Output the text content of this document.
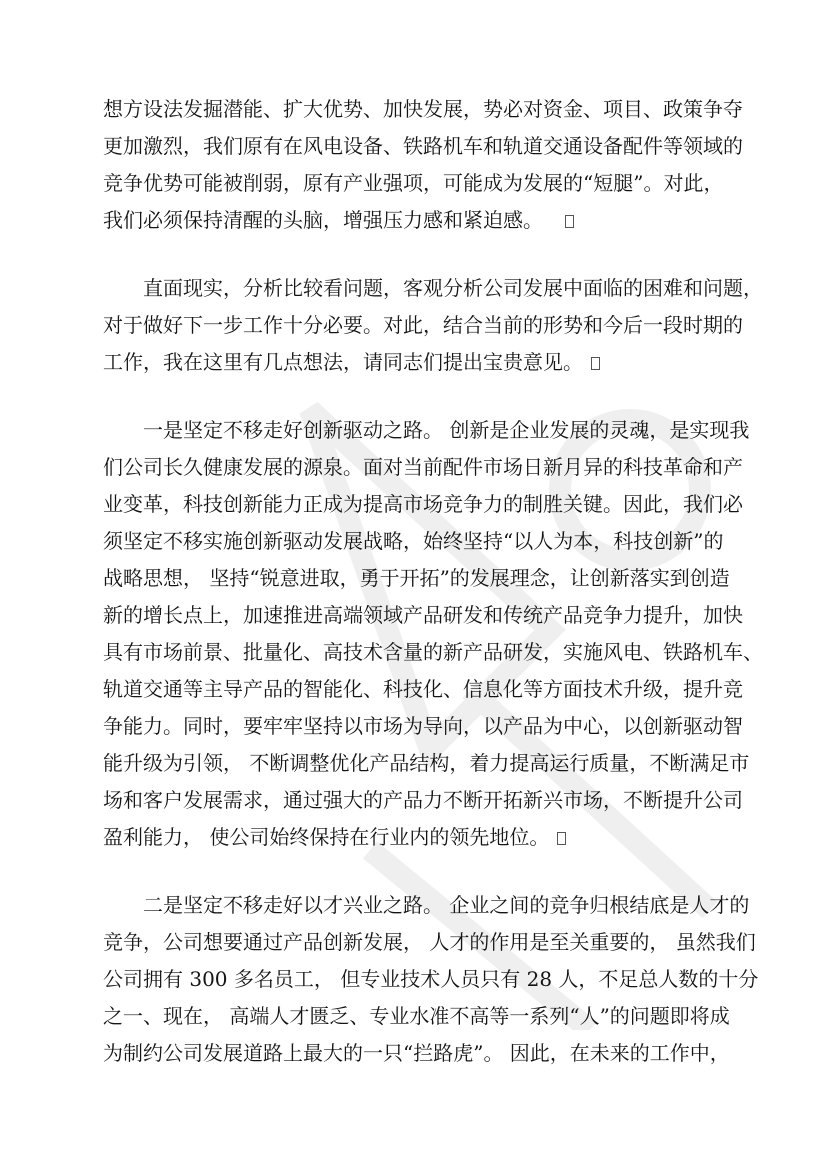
想方设法发掘潜能、扩大优势、加快发展，势必对资金、项目、政策争夺
更加激烈，我们原有在风电设备、铁路机车和轨道交通设备配件等领域的
竞争优势可能被削弱，原有产业强项，可能成为发展的“短腿”。对此，
我们必须保持清醒的头脑，增强压力感和紧迫感。
直面现实，分析比较看问题，客观分析公司发展中面临的困难和问题，
对于做好下一步工作十分必要。对此，结合当前的形势和今后一段时期的
工作，我在这里有几点想法，请同志们提出宝贵意见。
一是坚定不移走好创新驱动之路。 创新是企业发展的灵魂，是实现我
们公司长久健康发展的源泉。面对当前配件市场日新月异的科技革命和产
业变革，科技创新能力正成为提高市场竞争力的制胜关键。因此，我们必
须坚定不移实施创新驱动发展战略，始终坚持“以人为本，科技创新”的
战略思想， 坚持“锐意进取，勇于开拓”的发展理念，让创新落实到创造
新的增长点上，加速推进高端领域产品研发和传统产品竞争力提升，加快
具有市场前景、批量化、高技术含量的新产品研发，实施风电、铁路机车、
轨道交通等主导产品的智能化、科技化、信息化等方面技术升级，提升竞
争能力。同时，要牢牢坚持以市场为导向，以产品为中心，以创新驱动智
能升级为引领， 不断调整优化产品结构，着力提高运行质量，不断满足市
场和客户发展需求，通过强大的产品力不断开拓新兴市场，不断提升公司
盈利能力， 使公司始终保持在行业内的领先地位。
二是坚定不移走好以才兴业之路。 企业之间的竞争归根结底是人才的
竞争，公司想要通过产品创新发展， 人才的作用是至关重要的， 虽然我们
公司拥有 300 多名员工， 但专业技术人员只有 28 人，不足总人数的十分
之一、现在， 高端人才匮乏、专业水准不高等一系列“人”的问题即将成
为制约公司发展道路上最大的一只“拦路虎”。 因此，在未来的工作中，
